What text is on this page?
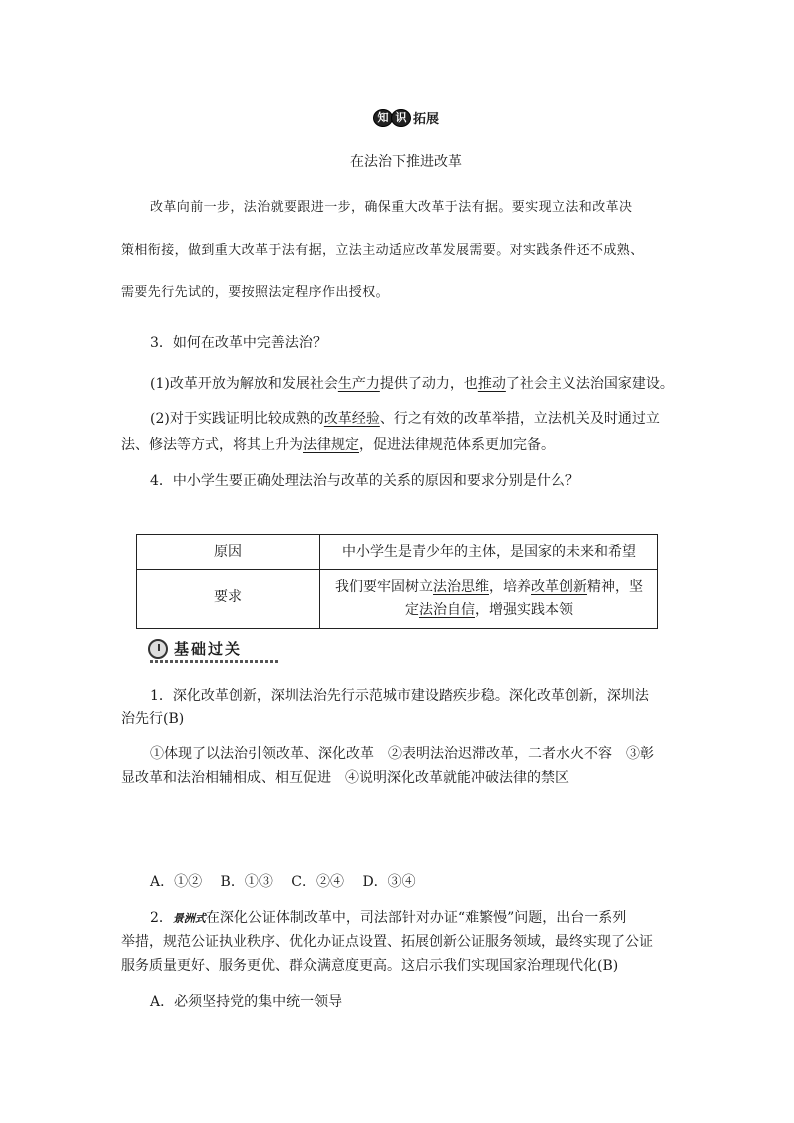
知 识 拓展
在法治下推进改革
改革向前一步，法治就要跟进一步，确保重大改革于法有据。要实现立法和改革决
策相衔接，做到重大改革于法有据，立法主动适应改革发展需要。对实践条件还不成熟、
需要先行先试的，要按照法定程序作出授权。
3．如何在改革中完善法治？
(1)改革开放为解放和发展社会生产力提供了动力，也推动了社会主义法治国家建设。
(2)对于实践证明比较成熟的改革经验、行之有效的改革举措，立法机关及时通过立
法、修法等方式，将其上升为法律规定，促进法律规范体系更加完备。
4．中小学生要正确处理法治与改革的关系的原因和要求分别是什么？
原因	中小学生是青少年的主体，是国家的未来和希望
要求
我们要牢固树立法治思维，培养改革创新精神，坚
定法治自信，增强实践本领
基础过关
1．深化改革创新，深圳法治先行示范城市建设踏疾步稳。深化改革创新，深圳法
治先行(B)
①体现了以法治引领改革、深化改革　②表明法治迟滞改革，二者水火不容　③彰
显改革和法治相辅相成、相互促进　④说明深化改革就能冲破法律的禁区
A．①②　 B．①③　 C．②④　 D．③④
2．景洲式在深化公证体制改革中，司法部针对办证“难繁慢”问题，出台一系列
举措，规范公证执业秩序、优化办证点设置、拓展创新公证服务领域，最终实现了公证
服务质量更好、服务更优、群众满意度更高。这启示我们实现国家治理现代化(B)
A．必须坚持党的集中统一领导
